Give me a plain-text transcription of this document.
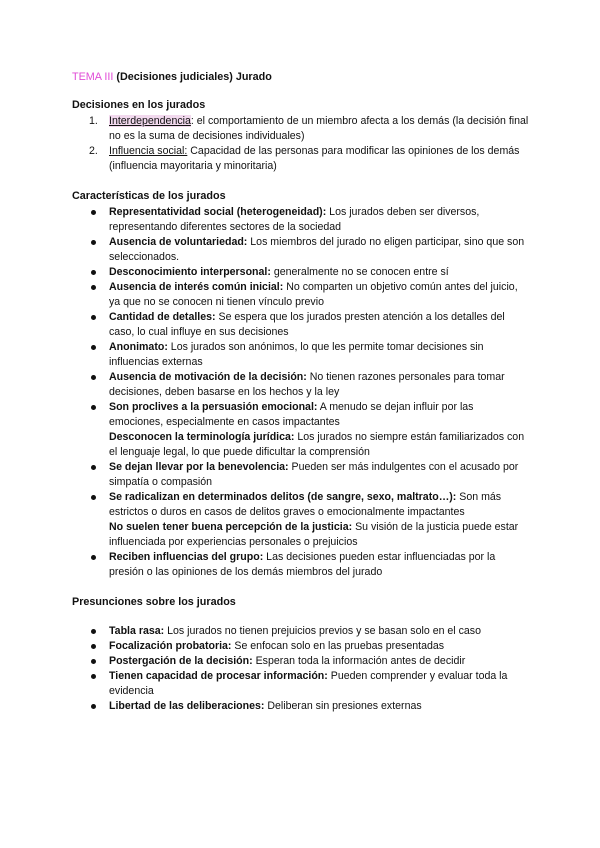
TEMA III (Decisiones judiciales) Jurado

Decisiones en los jurados

1. Interdependencia: el comportamiento de un miembro afecta a los demás (la decisión final no es la suma de decisiones individuales)
2. Influencia social: Capacidad de las personas para modificar las opiniones de los demás (influencia mayoritaria y minoritaria)

Características de los jurados

Representatividad social (heterogeneidad): Los jurados deben ser diversos, representando diferentes sectores de la sociedad
Ausencia de voluntariedad: Los miembros del jurado no eligen participar, sino que son seleccionados.
Desconocimiento interpersonal: generalmente no se conocen entre sí
Ausencia de interés común inicial: No comparten un objetivo común antes del juicio, ya que no se conocen ni tienen vínculo previo
Cantidad de detalles: Se espera que los jurados presten atención a los detalles del caso, lo cual influye en sus decisiones
Anonimato: Los jurados son anónimos, lo que les permite tomar decisiones sin influencias externas
Ausencia de motivación de la decisión: No tienen razones personales para tomar decisiones, deben basarse en los hechos y la ley
Son proclives a la persuasión emocional: A menudo se dejan influir por las emociones, especialmente en casos impactantes
Desconocen la terminología jurídica: Los jurados no siempre están familiarizados con el lenguaje legal, lo que puede dificultar la comprensión
Se dejan llevar por la benevolencia: Pueden ser más indulgentes con el acusado por simpatía o compasión
Se radicalizan en determinados delitos (de sangre, sexo, maltrato…): Son más estrictos o duros en casos de delitos graves o emocionalmente impactantes
No suelen tener buena percepción de la justicia: Su visión de la justicia puede estar influenciada por experiencias personales o prejuicios
Reciben influencias del grupo: Las decisiones pueden estar influenciadas por la presión o las opiniones de los demás miembros del jurado

Presunciones sobre los jurados

Tabla rasa: Los jurados no tienen prejuicios previos y se basan solo en el caso
Focalización probatoria: Se enfocan solo en las pruebas presentadas
Postergación de la decisión: Esperan toda la información antes de decidir
Tienen capacidad de procesar información: Pueden comprender y evaluar toda la evidencia
Libertad de las deliberaciones: Deliberan sin presiones externas
